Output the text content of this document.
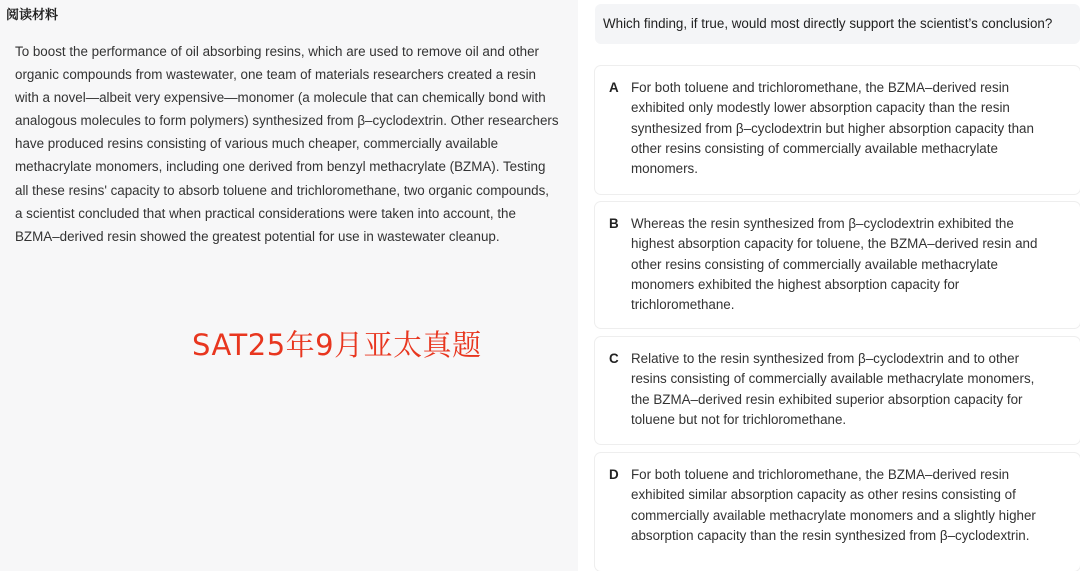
阅读材料
To boost the performance of oil absorbing resins, which are used to remove oil and other organic compounds from wastewater, one team of materials researchers created a resin with a novel—albeit very expensive—monomer (a molecule that can chemically bond with analogous molecules to form polymers) synthesized from β–cyclodextrin. Other researchers have produced resins consisting of various much cheaper, commercially available methacrylate monomers, including one derived from benzyl methacrylate (BZMA). Testing all these resins' capacity to absorb toluene and trichloromethane, two organic compounds, a scientist concluded that when practical considerations were taken into account, the BZMA–derived resin showed the greatest potential for use in wastewater cleanup.
SAT25年9月亚太真题
Which finding, if true, would most directly support the scientist’s conclusion?
A For both toluene and trichloromethane, the BZMA–derived resin exhibited only modestly lower absorption capacity than the resin synthesized from β–cyclodextrin but higher absorption capacity than other resins consisting of commercially available methacrylate monomers.
B Whereas the resin synthesized from β–cyclodextrin exhibited the highest absorption capacity for toluene, the BZMA–derived resin and other resins consisting of commercially available methacrylate monomers exhibited the highest absorption capacity for trichloromethane.
C Relative to the resin synthesized from β–cyclodextrin and to other resins consisting of commercially available methacrylate monomers, the BZMA–derived resin exhibited superior absorption capacity for toluene but not for trichloromethane.
D For both toluene and trichloromethane, the BZMA–derived resin exhibited similar absorption capacity as other resins consisting of commercially available methacrylate monomers and a slightly higher absorption capacity than the resin synthesized from β–cyclodextrin.
